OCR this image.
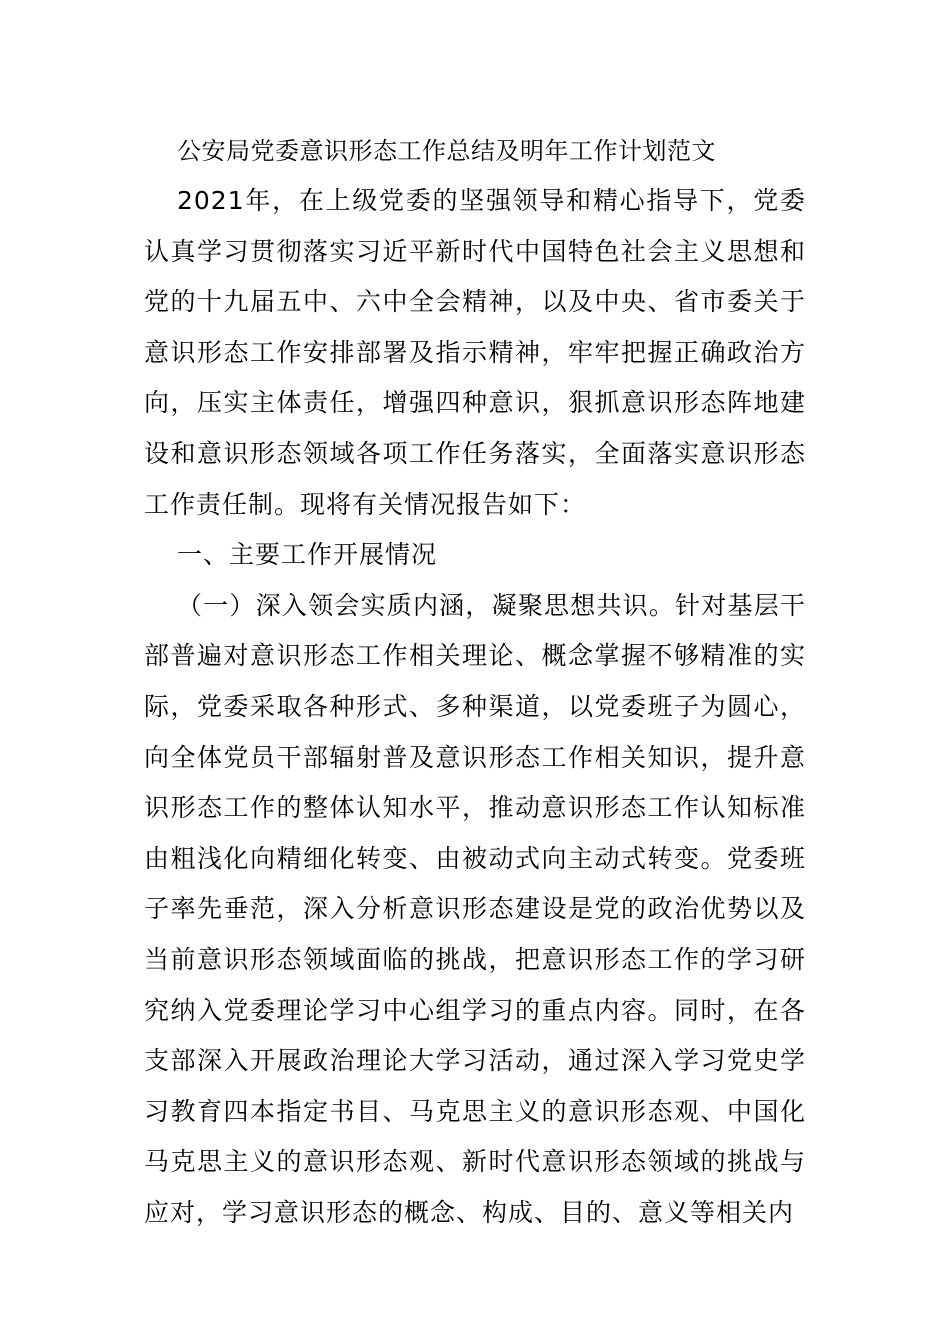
公安局党委意识形态工作总结及明年工作计划范文

2021年，在上级党委的坚强领导和精心指导下，党委认真学习贯彻落实习近平新时代中国特色社会主义思想和党的十九届五中、六中全会精神，以及中央、省市委关于意识形态工作安排部署及指示精神，牢牢把握正确政治方向，压实主体责任，增强四种意识，狠抓意识形态阵地建设和意识形态领域各项工作任务落实，全面落实意识形态工作责任制。现将有关情况报告如下：

一、主要工作开展情况

（一）深入领会实质内涵，凝聚思想共识。针对基层干部普遍对意识形态工作相关理论、概念掌握不够精准的实际，党委采取各种形式、多种渠道，以党委班子为圆心，向全体党员干部辐射普及意识形态工作相关知识，提升意识形态工作的整体认知水平，推动意识形态工作认知标准由粗浅化向精细化转变、由被动式向主动式转变。党委班子率先垂范，深入分析意识形态建设是党的政治优势以及当前意识形态领域面临的挑战，把意识形态工作的学习研究纳入党委理论学习中心组学习的重点内容。同时，在各支部深入开展政治理论大学习活动，通过深入学习党史学习教育四本指定书目、马克思主义的意识形态观、中国化马克思主义的意识形态观、新时代意识形态领域的挑战与应对，学习意识形态的概念、构成、目的、意义等相关内
